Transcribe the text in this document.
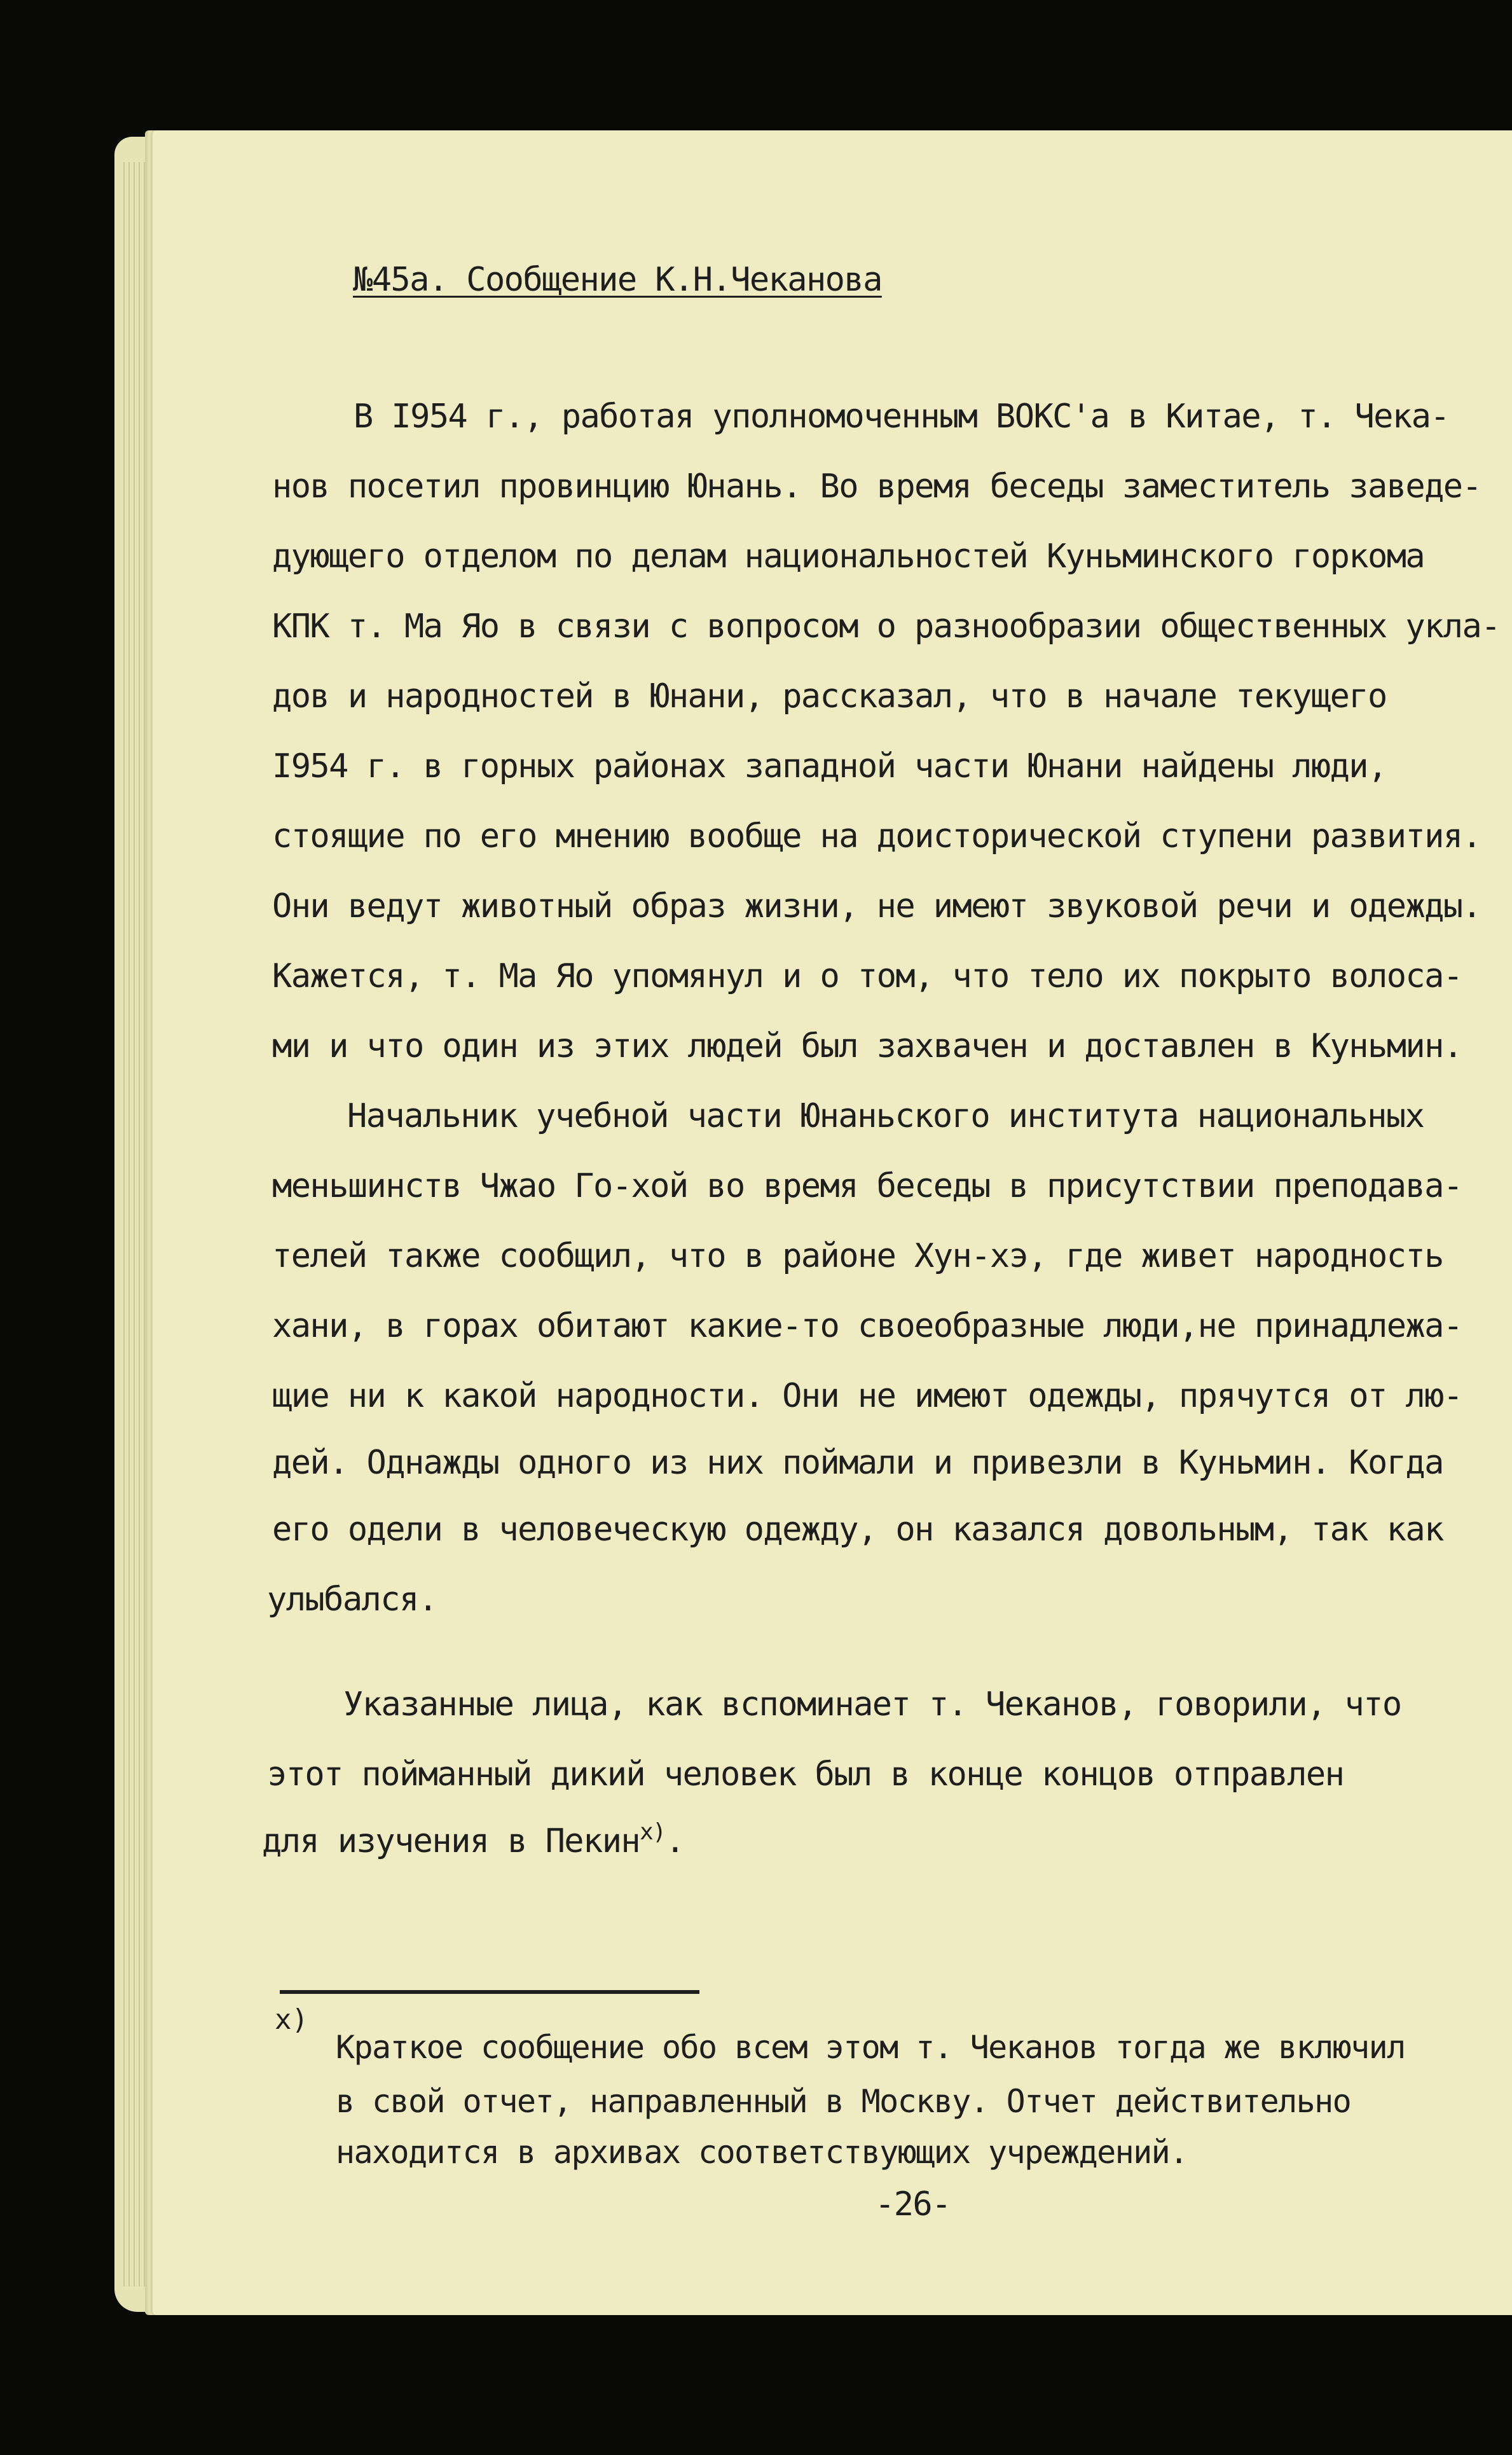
№45а. Сообщение К.Н.Чеканова
В I954 г., работая уполномоченным ВОКС'а в Китае, т. Чека-
нов посетил провинцию Юнань. Во время беседы заместитель заведе-
дующего отделом по делам национальностей Куньминского горкома
КПК т. Ма Яо в связи с вопросом о разнообразии общественных укла-
дов и народностей в Юнани, рассказал, что в начале текущего
I954 г. в горных районах западной части Юнани найдены люди,
стоящие по его мнению вообще на доисторической ступени развития.
Они ведут животный образ жизни, не имеют звуковой речи и одежды.
Кажется, т. Ма Яо упомянул и о том, что тело их покрыто волоса-
ми и что один из этих людей был захвачен и доставлен в Куньмин.
Начальник учебной части Юнаньского института национальных
меньшинств Чжао Го-хой во время беседы в присутствии преподава-
телей также сообщил, что в районе Хун-хэ, где живет народность
хани, в горах обитают какие-то своеобразные люди,не принадлежа-
щие ни к какой народности. Они не имеют одежды, прячутся от лю-
дей. Однажды одного из них поймали и привезли в Куньмин. Когда
его одели в человеческую одежду, он казался довольным, так как
улыбался.
Указанные лица, как вспоминает т. Чеканов, говорили, что
этот пойманный дикий человек был в конце концов отправлен
для изучения в Пекин$^{x)}$.
x)
Краткое сообщение обо всем этом т. Чеканов тогда же включил
в свой отчет, направленный в Москву. Отчет действительно
находится в архивах соответствующих учреждений.
-26-
